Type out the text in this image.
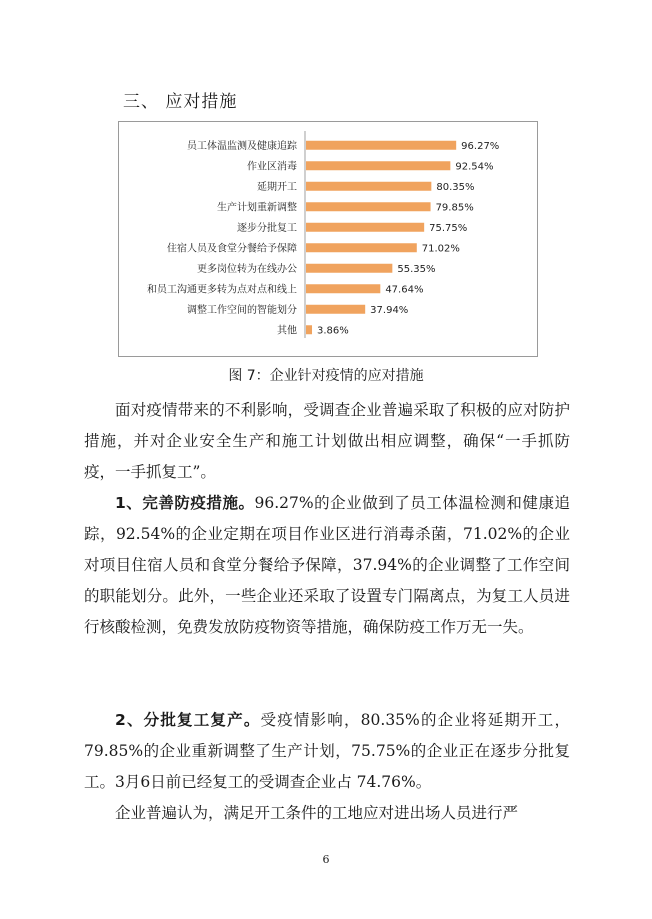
三、 应对措施
员工体温监测及健康追踪	96.27%
作业区消毒	92.54%
延期开工	80.35%
生产计划重新调整	79.85%
逐步分批复工	75.75%
住宿人员及食堂分餐给予保障	71.02%
更多岗位转为在线办公	55.35%
和员工沟通更多转为点对点和线上	47.64%
调整工作空间的智能划分	37.94%
其他 3.86%
图 7：企业针对疫情的应对措施

面对疫情带来的不利影响，受调查企业普遍采取了积极的应对防护措施，并对企业安全生产和施工计划做出相应调整，确保“一手抓防疫，一手抓复工”。

1、完善防疫措施。96.27%的企业做到了员工体温检测和健康追踪，92.54%的企业定期在项目作业区进行消毒杀菌，71.02%的企业对项目住宿人员和食堂分餐给予保障，37.94%的企业调整了工作空间的职能划分。此外，一些企业还采取了设置专门隔离点，为复工人员进行核酸检测，免费发放防疫物资等措施，确保防疫工作万无一失。

2、分批复工复产。受疫情影响，80.35%的企业将延期开工，79.85%的企业重新调整了生产计划，75.75%的企业正在逐步分批复工。3月6日前已经复工的受调查企业占 74.76%。

企业普遍认为，满足开工条件的工地应对进出场人员进行严

6
